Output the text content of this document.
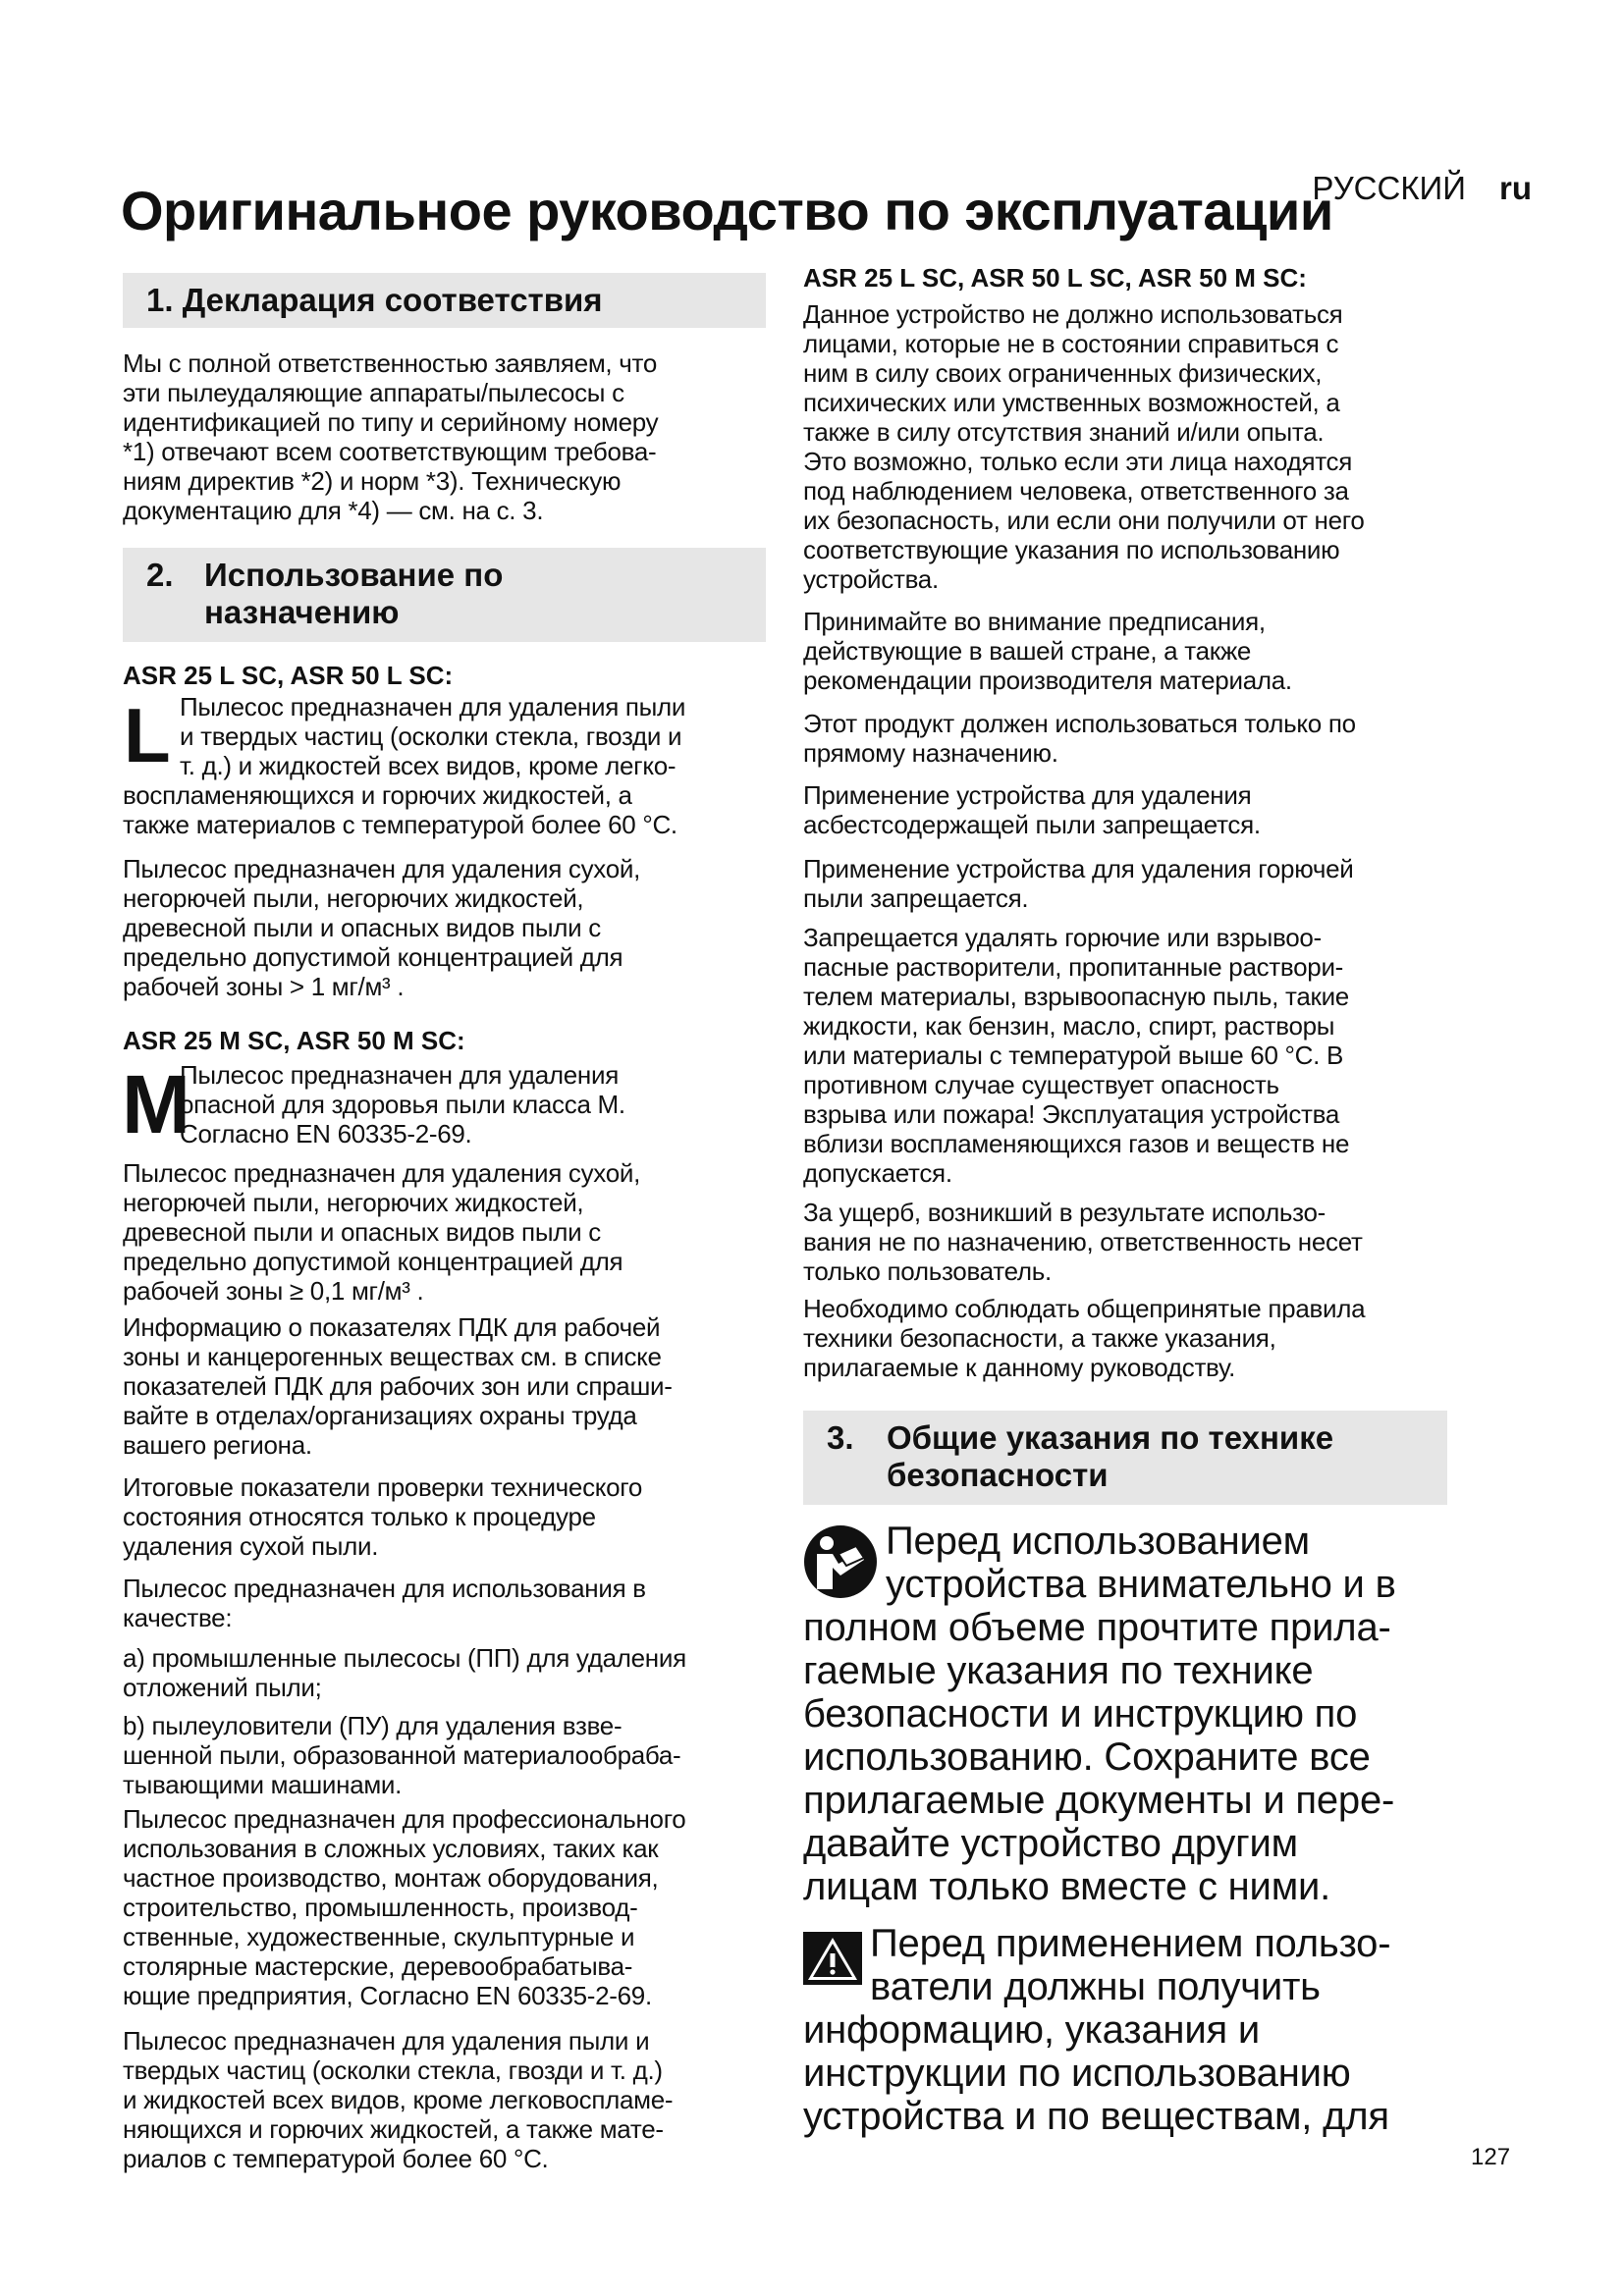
РУССКИЙ ru

Оригинальное руководство по эксплуатации

1. Декларация соответствия

Мы с полной ответственностью заявляем, что
эти пылеудаляющие аппараты/пылесосы с
идентификацией по типу и серийному номеру
*1) отвечают всем соответствующим требова-
ниям директив *2) и норм *3). Техническую
документацию для *4) — см. на с. 3.

2.

Использование по
назначению

ASR 25 L SC, ASR 50 L SC:
L Пылесос предназначен для удаления пыли
и твердых частиц (осколки стекла, гвозди и
т. д.) и жидкостей всех видов, кроме легко-
воспламеняющихся и горючих жидкостей, а
также материалов с температурой более 60 °C.
Пылесос предназначен для удаления сухой,
негорючей пыли, негорючих жидкостей,
древесной пыли и опасных видов пыли с
предельно допустимой концентрацией для
рабочей зоны > 1 мг/м³ .
ASR 25 M SC, ASR 50 M SC:
M
Пылесос предназначен для удаления
опасной для здоровья пыли класса M.
Согласно EN 60335-2-69.
Пылесос предназначен для удаления сухой,
негорючей пыли, негорючих жидкостей,
древесной пыли и опасных видов пыли с
предельно допустимой концентрацией для
рабочей зоны ≥ 0,1 мг/м³ .
Информацию о показателях ПДК для рабочей
зоны и канцерогенных веществах см. в списке
показателей ПДК для рабочих зон или спраши-
вайте в отделах/организациях охраны труда
вашего региона.
Итоговые показатели проверки технического
состояния относятся только к процедуре
удаления сухой пыли.
Пылесос предназначен для использования в
качестве:
a) промышленные пылесосы (ПП) для удаления
отложений пыли;
b) пылеуловители (ПУ) для удаления взве-
шенной пыли, образованной материалообраба-
тывающими машинами.
Пылесос предназначен для профессионального
использования в сложных условиях, таких как
частное производство, монтаж оборудования,
строительство, промышленность, производ-
ственные, художественные, скульптурные и
столярные мастерские, деревообрабатыва-
ющие предприятия, Согласно EN 60335-2-69.
Пылесос предназначен для удаления пыли и
твердых частиц (осколки стекла, гвозди и т. д.)
и жидкостей всех видов, кроме легковоспламе-
няющихся и горючих жидкостей, а также мате-
риалов с температурой более 60 °C.
ASR 25 L SC, ASR 50 L SC, ASR 50 M SC:
Данное устройство не должно использоваться
лицами, которые не в состоянии справиться с
ним в силу своих ограниченных физических,
психических или умственных возможностей, а
также в силу отсутствия знаний и/или опыта.
Это возможно, только если эти лица находятся
под наблюдением человека, ответственного за
их безопасность, или если они получили от него
соответствующие указания по использованию
устройства.
Принимайте во внимание предписания,
действующие в вашей стране, а также
рекомендации производителя материала.
Этот продукт должен использоваться только по
прямому назначению.
Применение устройства для удаления
асбестсодержащей пыли запрещается.
Применение устройства для удаления горючей
пыли запрещается.
Запрещается удалять горючие или взрывоо-
пасные растворители, пропитанные раствори-
телем материалы, взрывоопасную пыль, такие
жидкости, как бензин, масло, спирт, растворы
или материалы с температурой выше 60 °C. В
противном случае существует опасность
взрыва или пожара! Эксплуатация устройства
вблизи воспламеняющихся газов и веществ не
допускается.
За ущерб, возникший в результате использо-
вания не по назначению, ответственность несет
только пользователь.
Необходимо соблюдать общепринятые правила
техники безопасности, а также указания,
прилагаемые к данному руководству.

3.

Общие указания по технике
безопасности

Перед использованием
устройства внимательно и в
полном объеме прочтите прила-
гаемые указания по технике
безопасности и инструкцию по
использованию. Сохраните все
прилагаемые документы и пере-
давайте устройство другим
лицам только вместе с ними.
Перед применением пользо-
ватели должны получить
информацию, указания и
инструкции по использованию
устройства и по веществам, для
127
